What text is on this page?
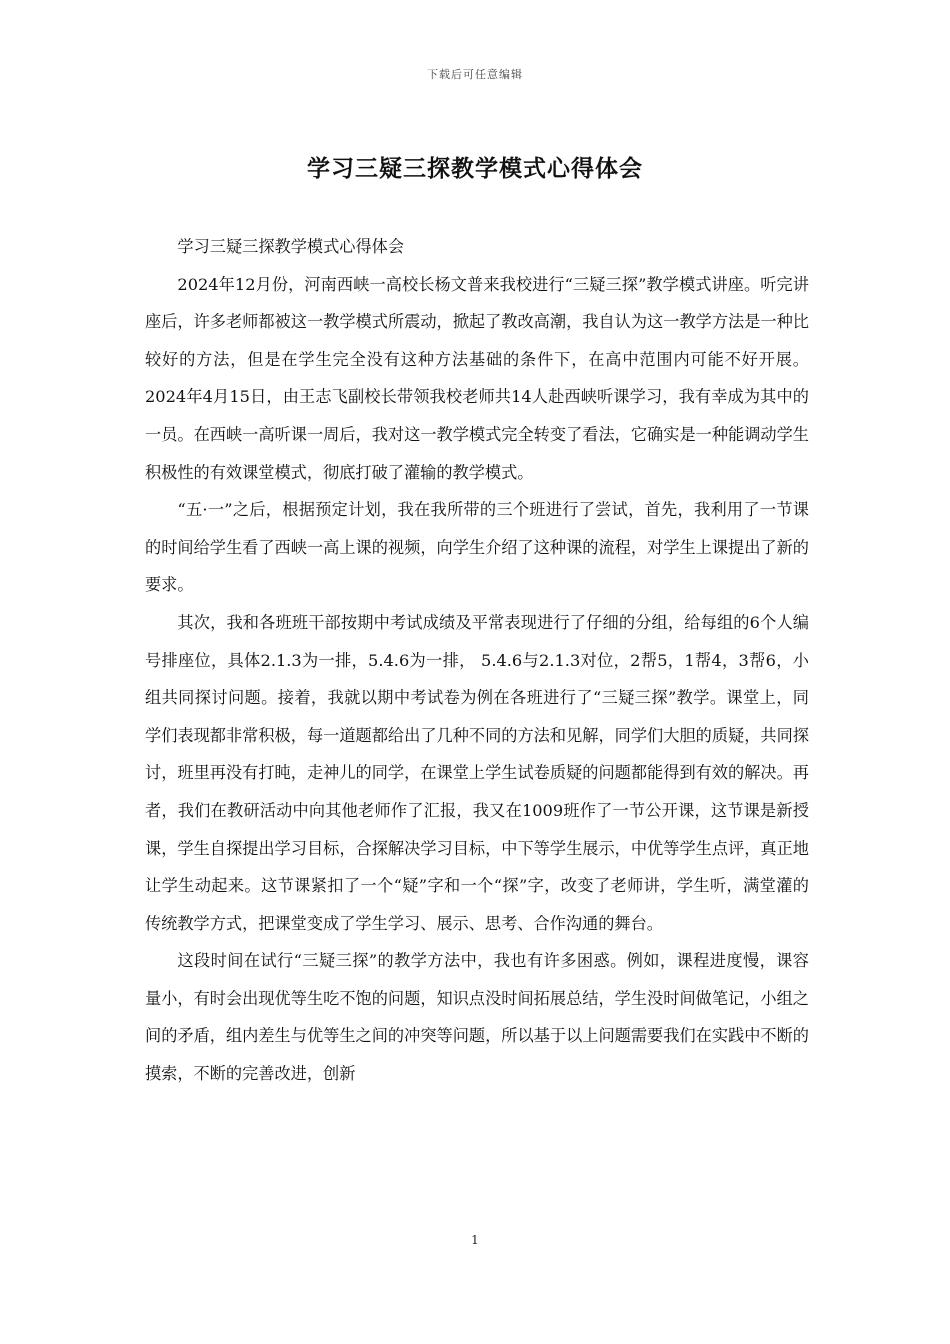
下载后可任意编辑
学习三疑三探教学模式心得体会

学习三疑三探教学模式心得体会

2024年12月份，河南西峡一高校长杨文普来我校进行“三疑三探”教学模式讲座。听完讲座后，许多老师都被这一教学模式所震动，掀起了教改高潮，我自认为这一教学方法是一种比较好的方法，但是在学生完全没有这种方法基础的条件下，在高中范围内可能不好开展。2024年4月15日，由王志飞副校长带领我校老师共14人赴西峡听课学习，我有幸成为其中的一员。在西峡一高听课一周后，我对这一教学模式完全转变了看法，它确实是一种能调动学生积极性的有效课堂模式，彻底打破了灌输的教学模式。

“五·一”之后，根据预定计划，我在我所带的三个班进行了尝试，首先，我利用了一节课的时间给学生看了西峡一高上课的视频，向学生介绍了这种课的流程，对学生上课提出了新的要求。

其次，我和各班班干部按期中考试成绩及平常表现进行了仔细的分组，给每组的6个人编号排座位，具体2.1.3为一排，5.4.6为一排， 5.4.6与2.1.3对位，2帮5，1帮4，3帮6，小组共同探讨问题。接着，我就以期中考试卷为例在各班进行了“三疑三探”教学。课堂上，同学们表现都非常积极，每一道题都给出了几种不同的方法和见解，同学们大胆的质疑，共同探讨，班里再没有打盹，走神儿的同学，在课堂上学生试卷质疑的问题都能得到有效的解决。再者，我们在教研活动中向其他老师作了汇报，我又在1009班作了一节公开课，这节课是新授课，学生自探提出学习目标，合探解决学习目标，中下等学生展示，中优等学生点评，真正地让学生动起来。这节课紧扣了一个“疑”字和一个“探”字，改变了老师讲，学生听，满堂灌的传统教学方式，把课堂变成了学生学习、展示、思考、合作沟通的舞台。

这段时间在试行“三疑三探”的教学方法中，我也有许多困惑。例如，课程进度慢，课容量小，有时会出现优等生吃不饱的问题，知识点没时间拓展总结，学生没时间做笔记，小组之间的矛盾，组内差生与优等生之间的冲突等问题，所以基于以上问题需要我们在实践中不断的摸索，不断的完善改进，创新

1
